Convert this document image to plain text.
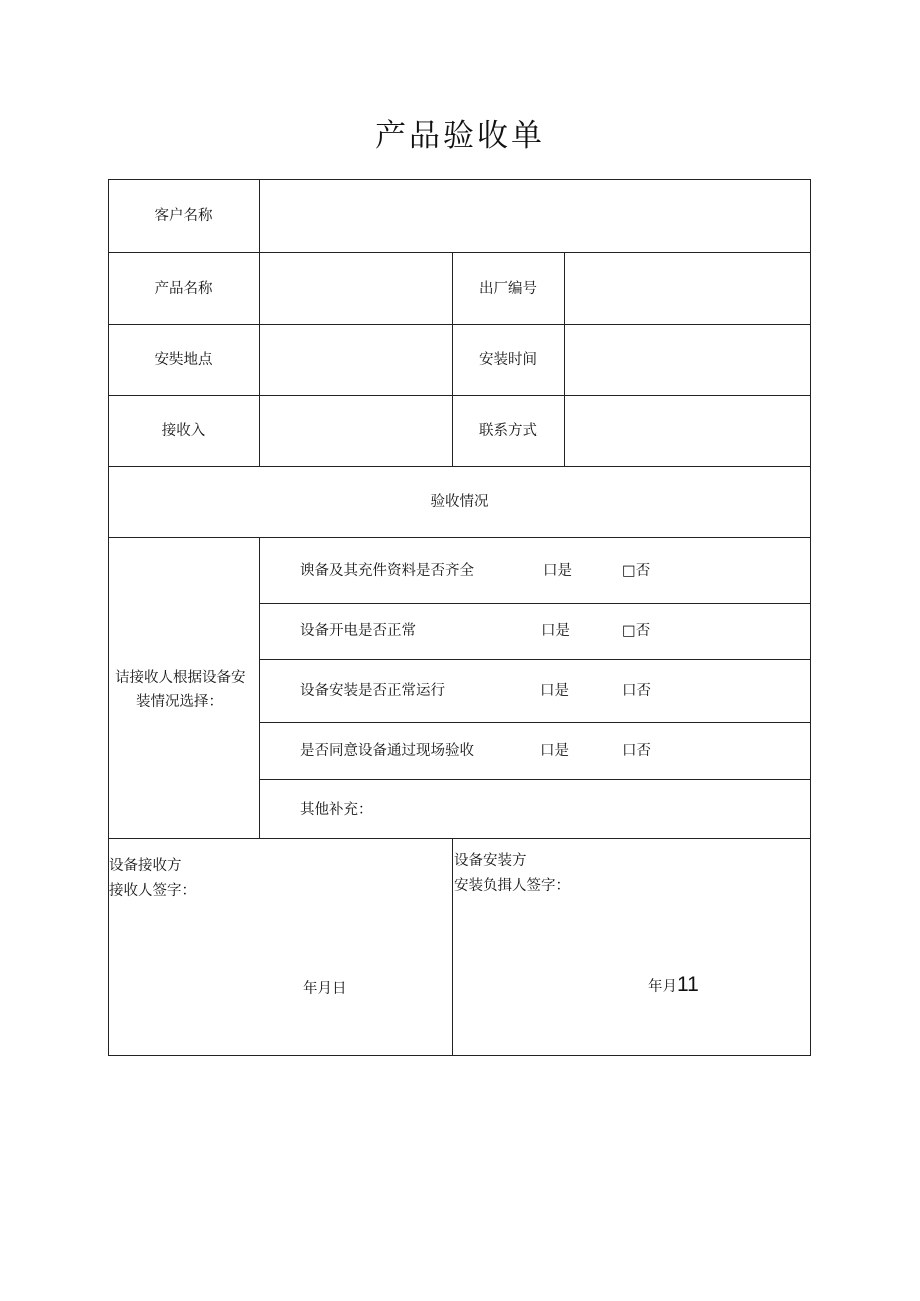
产品验收单
客户名称
产品名称	出厂编号
安奘地点	安装时间
接收入	联系方式
验收情况
诘接收人根据设备安
装情况选择：
谀备及其充件资料是否齐全	口是	□否
设备开电是否正常	口是	□否
设备安装是否正常运行	口是	口否
是否同意设备通过现场验收	口是	口否
其他补充：
设备接收方
接收人签字：
年月日
设备安装方
安装负揖人签字：
年月11
